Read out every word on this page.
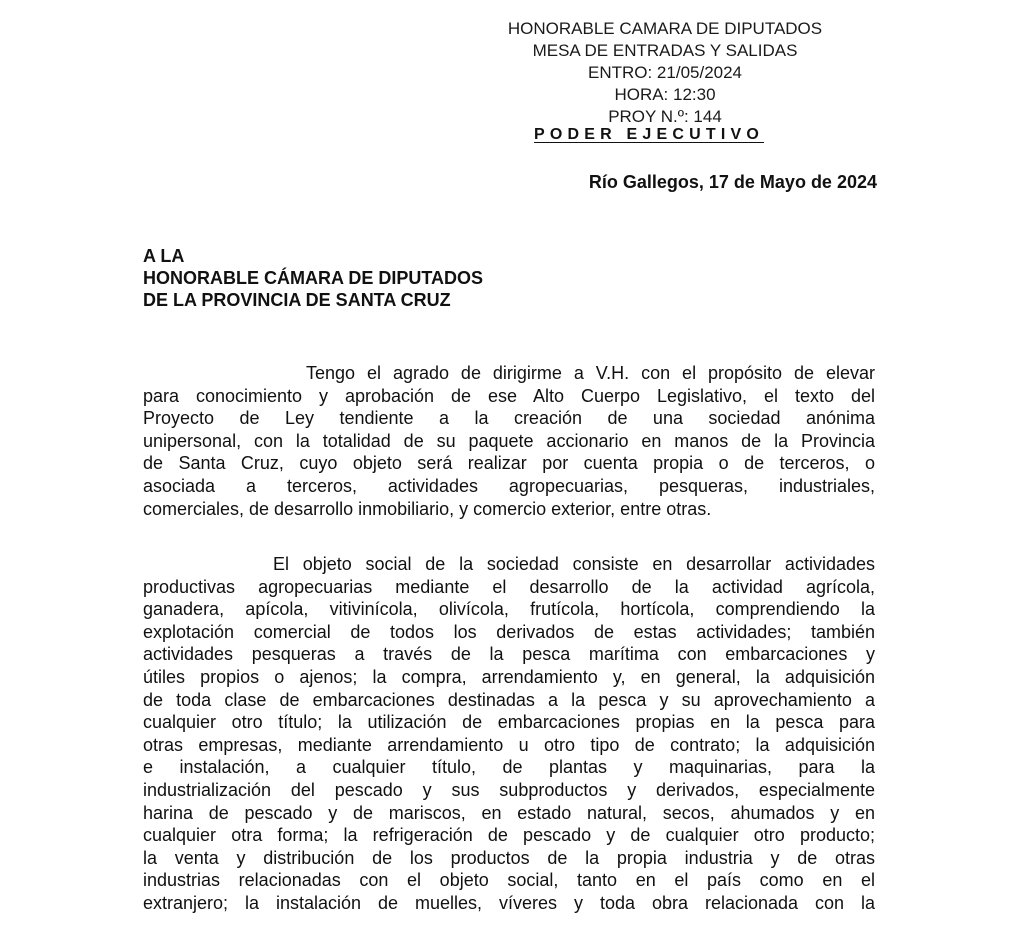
HONORABLE CAMARA DE DIPUTADOS
MESA DE ENTRADAS Y SALIDAS
ENTRO: 21/05/2024
HORA: 12:30
PROY N.º: 144
PODER EJECUTIVO
Río Gallegos, 17 de Mayo de 2024
A LA
HONORABLE CÁMARA DE DIPUTADOS
DE LA PROVINCIA DE SANTA CRUZ
Tengo el agrado de dirigirme a V.H. con el propósito de elevar
para conocimiento y aprobación de ese Alto Cuerpo Legislativo, el texto del
Proyecto de Ley tendiente a la creación de una sociedad anónima
unipersonal, con la totalidad de su paquete accionario en manos de la Provincia
de Santa Cruz, cuyo objeto será realizar por cuenta propia o de terceros, o
asociada a terceros, actividades agropecuarias, pesqueras, industriales,
comerciales, de desarrollo inmobiliario, y comercio exterior, entre otras.
El objeto social de la sociedad consiste en desarrollar actividades
productivas agropecuarias mediante el desarrollo de la actividad agrícola,
ganadera, apícola, vitivinícola, olivícola, frutícola, hortícola, comprendiendo la
explotación comercial de todos los derivados de estas actividades; también
actividades pesqueras a través de la pesca marítima con embarcaciones y
útiles propios o ajenos; la compra, arrendamiento y, en general, la adquisición
de toda clase de embarcaciones destinadas a la pesca y su aprovechamiento a
cualquier otro título; la utilización de embarcaciones propias en la pesca para
otras empresas, mediante arrendamiento u otro tipo de contrato; la adquisición
e instalación, a cualquier título, de plantas y maquinarias, para la
industrialización del pescado y sus subproductos y derivados, especialmente
harina de pescado y de mariscos, en estado natural, secos, ahumados y en
cualquier otra forma; la refrigeración de pescado y de cualquier otro producto;
la venta y distribución de los productos de la propia industria y de otras
industrias relacionadas con el objeto social, tanto en el país como en el
extranjero; la instalación de muelles, víveres y toda obra relacionada con la
